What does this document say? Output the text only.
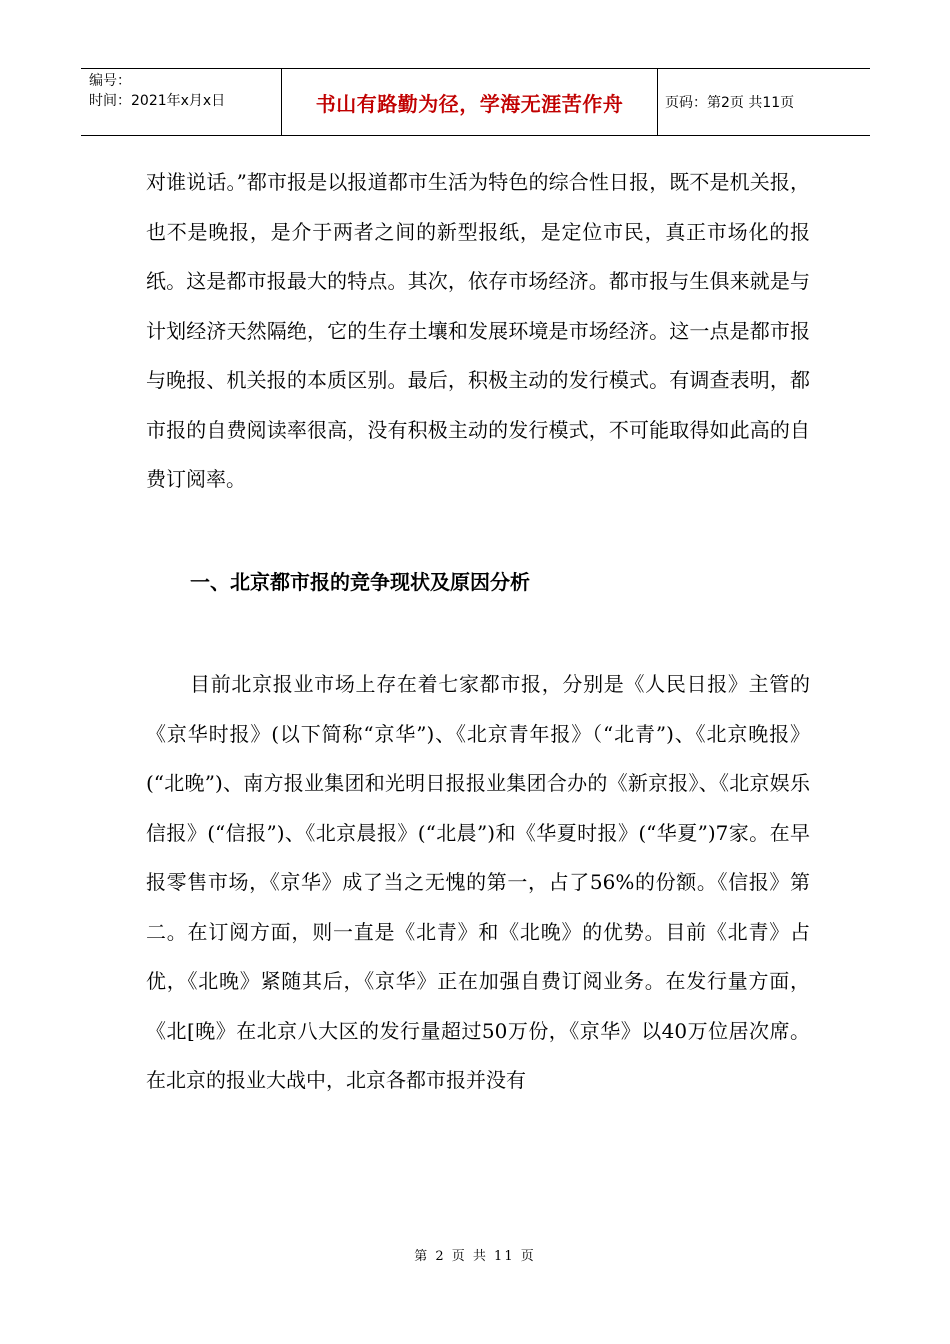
编号：
时间：2021年x月x日	书山有路勤为径，学海无涯苦作舟	页码：第2页 共11页

对谁说话。”都市报是以报道都市生活为特色的综合性日报，既不是机关报，也不是晚报，是介于两者之间的新型报纸，是定位市民，真正市场化的报纸。这是都市报最大的特点。其次，依存市场经济。都市报与生俱来就是与计划经济天然隔绝，它的生存土壤和发展环境是市场经济。这一点是都市报与晚报、机关报的本质区别。最后，积极主动的发行模式。有调查表明，都市报的自费阅读率很高，没有积极主动的发行模式，不可能取得如此高的自费订阅率。

一、北京都市报的竞争现状及原因分析

目前北京报业市场上存在着七家都市报，分别是《人民日报》主管的《京华时报》(以下简称“京华”)、《北京青年报》（“北青”)、《北京晚报》(“北晚”)、南方报业集团和光明日报报业集团合办的《新京报》、《北京娱乐信报》(“信报”)、《北京晨报》(“北晨”)和《华夏时报》(“华夏”)7家。在早报零售市场，《京华》成了当之无愧的第一，占了56%的份额。《信报》第二。在订阅方面，则一直是《北青》和《北晚》的优势。目前《北青》占优，《北晚》紧随其后，《京华》正在加强自费订阅业务。在发行量方面，《北[晚》在北京八大区的发行量超过50万份，《京华》以40万位居次席。在北京的报业大战中，北京各都市报并没有

第 2 页 共 11 页
